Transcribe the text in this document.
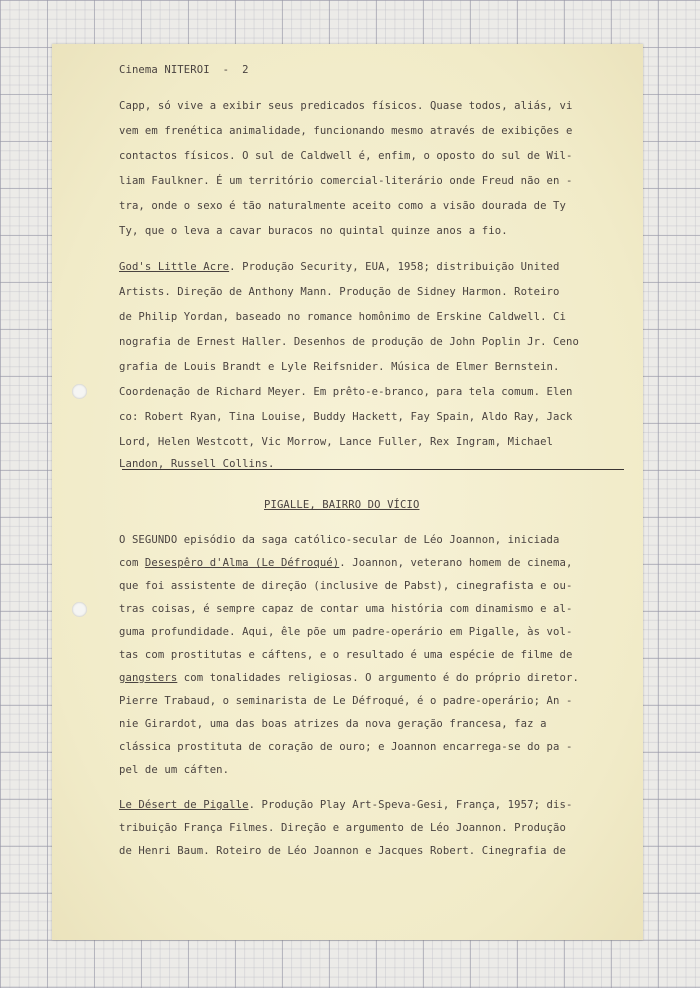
Cinema NITEROI  -  2
Capp, só vive a exibir seus predicados físicos. Quase todos, aliás, vi
vem em frenética animalidade, funcionando mesmo através de exibições e
contactos físicos. O sul de Caldwell é, enfim, o oposto do sul de Wil-
liam Faulkner. É um território comercial-literário onde Freud não en -
tra, onde o sexo é tão naturalmente aceito como a visão dourada de Ty
Ty, que o leva a cavar buracos no quintal quinze anos a fio.
God's Little Acre. Produção Security, EUA, 1958; distribuição United
Artists. Direção de Anthony Mann. Produção de Sidney Harmon. Roteiro
de Philip Yordan, baseado no romance homônimo de Erskine Caldwell. Ci
nografia de Ernest Haller. Desenhos de produção de John Poplin Jr. Ceno
grafia de Louis Brandt e Lyle Reifsnider. Música de Elmer Bernstein.
Coordenação de Richard Meyer. Em prêto-e-branco, para tela comum. Elen
co: Robert Ryan, Tina Louise, Buddy Hackett, Fay Spain, Aldo Ray, Jack
Lord, Helen Westcott, Vic Morrow, Lance Fuller, Rex Ingram, Michael
Landon, Russell Collins.
PIGALLE, BAIRRO DO VÍCIO
O SEGUNDO episódio da saga católico-secular de Léo Joannon, iniciada
com Desespêro d'Alma (Le Défroqué). Joannon, veterano homem de cinema,
que foi assistente de direção (inclusive de Pabst), cinegrafista e ou-
tras coisas, é sempre capaz de contar uma história com dinamismo e al-
guma profundidade. Aqui, êle põe um padre-operário em Pigalle, às vol-
tas com prostitutas e cáftens, e o resultado é uma espécie de filme de
gangsters com tonalidades religiosas. O argumento é do próprio diretor.
Pierre Trabaud, o seminarista de Le Défroqué, é o padre-operário; An -
nie Girardot, uma das boas atrizes da nova geração francesa, faz a
clássica prostituta de coração de ouro; e Joannon encarrega-se do pa -
pel de um cáften.
Le Désert de Pigalle. Produção Play Art-Speva-Gesi, França, 1957; dis-
tribuição França Filmes. Direção e argumento de Léo Joannon. Produção
de Henri Baum. Roteiro de Léo Joannon e Jacques Robert. Cinegrafia de
